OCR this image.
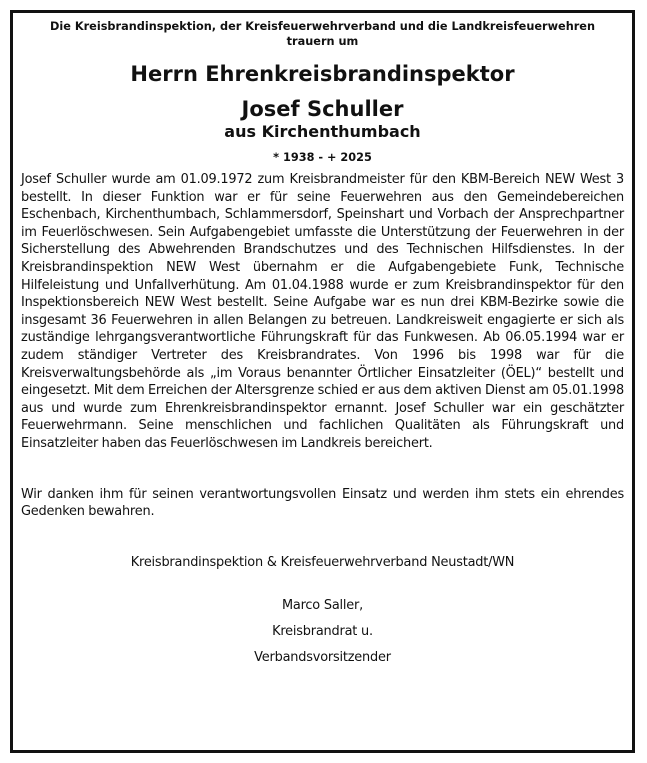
Die Kreisbrandinspektion, der Kreisfeuerwehrverband und die Landkreisfeuerwehren
trauern um
Herrn Ehrenkreisbrandinspektor
Josef Schuller
aus Kirchenthumbach
* 1938 - + 2025
Josef Schuller wurde am 01.09.1972 zum Kreisbrandmeister für den KBM-Bereich NEW West 3 bestellt. In dieser Funktion war er für seine Feuerwehren aus den Gemeindebereichen Eschenbach, Kirchenthumbach, Schlammersdorf, Speinshart und Vorbach der Ansprechpartner im Feuerlöschwesen. Sein Aufgabengebiet umfasste die Unterstützung der Feuerwehren in der Sicherstellung des Abwehrenden Brandschutzes und des Technischen Hilfsdienstes. In der Kreisbrandinspektion NEW West übernahm er die Aufgabengebiete Funk, Technische Hilfeleistung und Unfallverhütung. Am 01.04.1988 wurde er zum Kreisbrandinspektor für den Inspektionsbereich NEW West bestellt. Seine Aufgabe war es nun drei KBM-Bezirke sowie die insgesamt 36 Feuerwehren in allen Belangen zu betreuen. Landkreisweit engagierte er sich als zuständige lehrgangsverantwortliche Führungskraft für das Funkwesen. Ab 06.05.1994 war er zudem ständiger Vertreter des Kreisbrandrates. Von 1996 bis 1998 war für die Kreisverwaltungsbehörde als „im Voraus benannter Örtlicher Einsatzleiter (ÖEL)“ bestellt und eingesetzt. Mit dem Erreichen der Altersgrenze schied er aus dem aktiven Dienst am 05.01.1998 aus und wurde zum Ehrenkreisbrandinspektor ernannt. Josef Schuller war ein geschätzter Feuerwehrmann. Seine menschlichen und fachlichen Qualitäten als Führungskraft und Einsatzleiter haben das Feuerlöschwesen im Landkreis bereichert.
Wir danken ihm für seinen verantwortungsvollen Einsatz und werden ihm stets ein ehrendes Gedenken bewahren.
Kreisbrandinspektion & Kreisfeuerwehrverband Neustadt/WN
Marco Saller,
Kreisbrandrat u.
Verbandsvorsitzender
